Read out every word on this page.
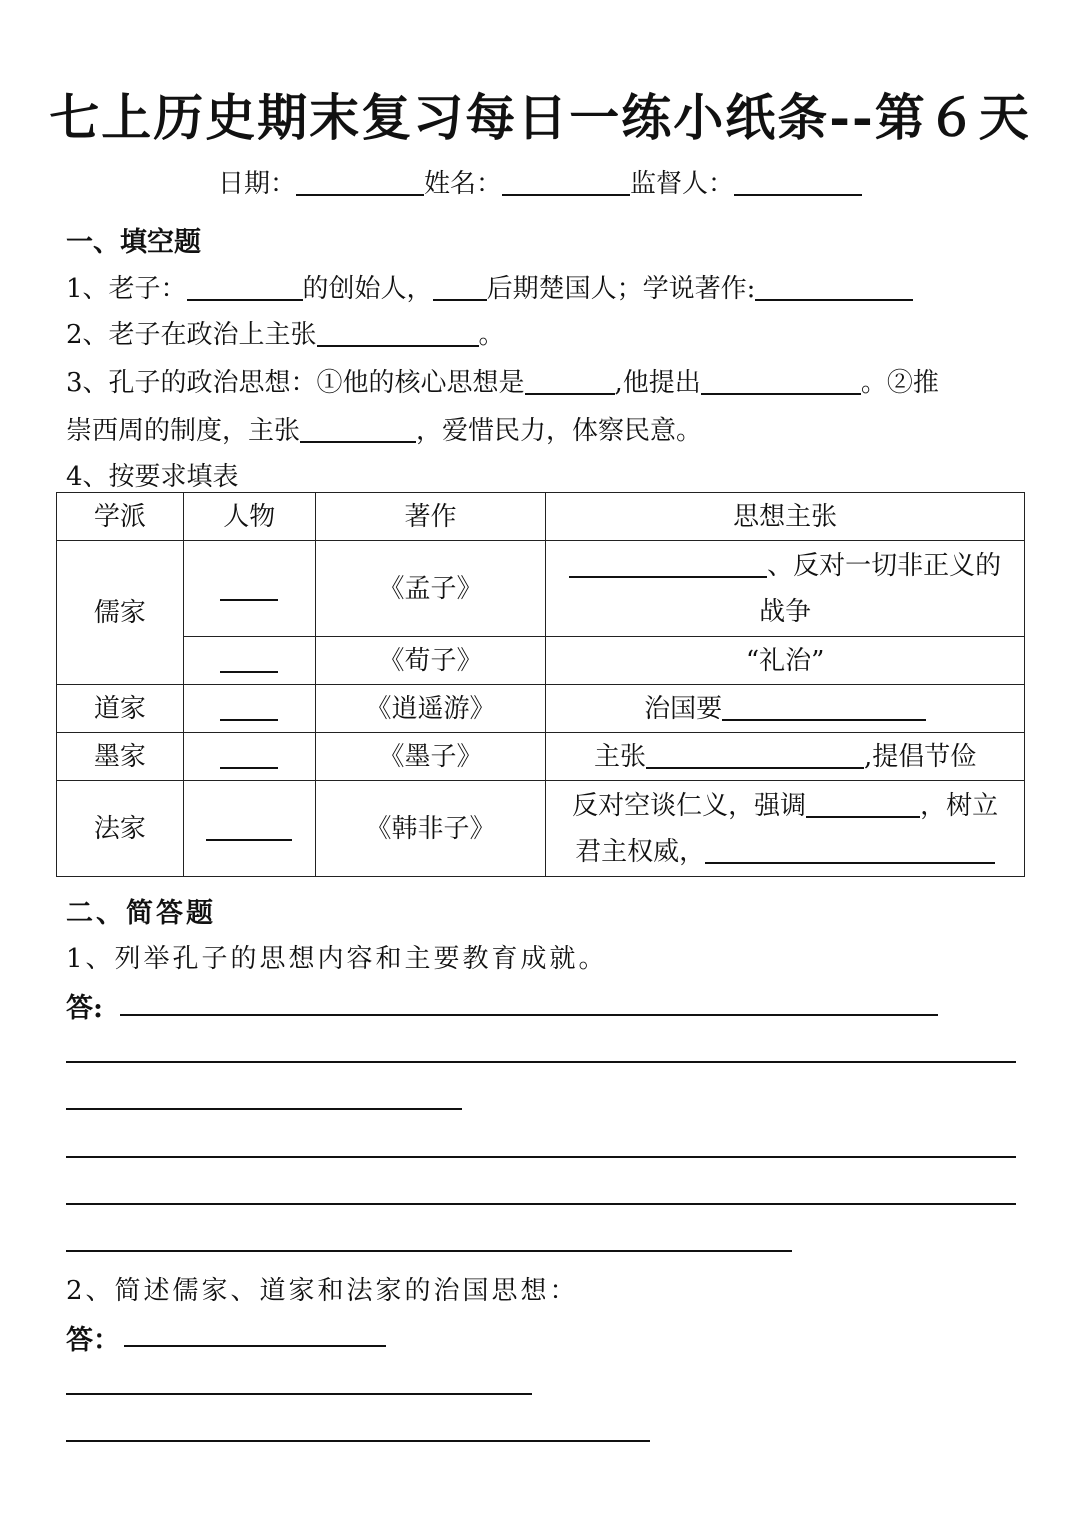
七上历史期末复习每日一练小纸条--第６天
日期：	姓名：	监督人：
一、填空题
1、老子：	的创始人， 后期楚国人；学说著作:
2、老子在政治上主张	。
3、孔子的政治思想：①他的核心思想是	,他提出	。②推
崇西周的制度，主张	，爱惜民力，体察民意。
4、按要求填表
学派	人物	著作	思想主张
儒家		《孟子》	、反对一切非正义的
战争

		《荀子》	“礼治”
道家		《逍遥游》	治国要
墨家		《墨子》	主张 ,提倡节俭
法家		《韩非子》	反对空谈仁义，强调 ，树立
君主权威，
二、简答题
1、列举孔子的思想内容和主要教育成就。
答:
2、简述儒家、道家和法家的治国思想：
答：
